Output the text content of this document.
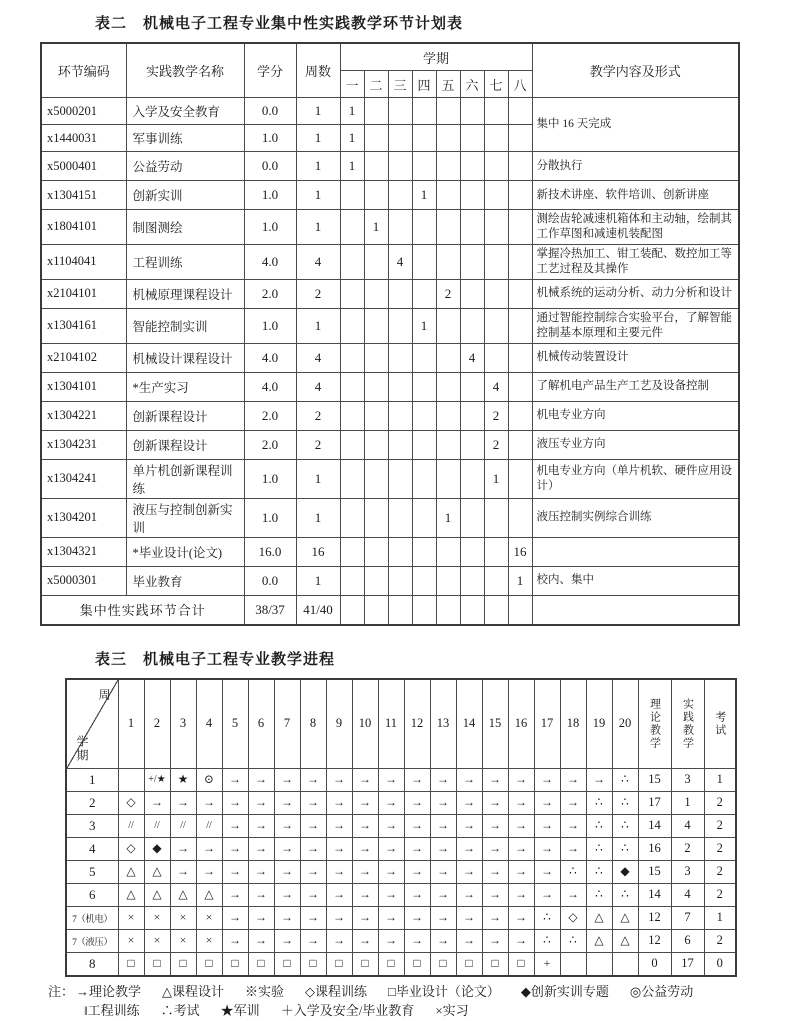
表二　机械电子工程专业集中性实践教学环节计划表
环节编码	实践教学名称	学分	周数	学期								教学内容及形式
				一	二	三	四	五	六	七	八	
x5000201	入学及安全教育	0.0	1	1								集中 16 天完成
x1440031	军事训练	1.0	1	1								
x5000401	公益劳动	0.0	1	1								分散执行
x1304151	创新实训	1.0	1				1					新技术讲座、软件培训、创新讲座
x1804101	制图测绘	1.0	1		1							测绘齿轮减速机箱体和主动轴，绘制其工作草图和减速机装配图
x1104041	工程训练	4.0	4			4						掌握冷热加工、钳工装配、数控加工等工艺过程及其操作
x2104101	机械原理课程设计	2.0	2					2				机械系统的运动分析、动力分析和设计
x1304161	智能控制实训	1.0	1				1					通过智能控制综合实验平台，了解智能控制基本原理和主要元件
x2104102	机械设计课程设计	4.0	4						4			机械传动装置设计
x1304101	*生产实习	4.0	4							4		了解机电产品生产工艺及设备控制
x1304221	创新课程设计	2.0	2							2		机电专业方向
x1304231	创新课程设计	2.0	2							2		液压专业方向
x1304241	单片机创新课程训练	1.0	1							1		机电专业方向（单片机软、硬件应用设计）
x1304201	液压与控制创新实训	1.0	1					1				液压控制实例综合训练
x1304321	*毕业设计(论文)	16.0	16								16	
x5000301	毕业教育	0.0	1								1	校内、集中
集中性实践环节合计		38/37	41/40									
表三　机械电子工程专业教学进程
周
学期	1	2	3	4	5	6	7	8	9	10	11	12	13	14	15	16	17	18	19	20	理论教学	实践教学	考试
1		+/★	★	⊙	→	→	→	→	→	→	→	→	→	→	→	→	→	→	→	∴	15	3	1
2	◇	→	→	→	→	→	→	→	→	→	→	→	→	→	→	→	→	→	∴	∴	17	1	2
3	//	//	//	//	→	→	→	→	→	→	→	→	→	→	→	→	→	→	∴	∴	14	4	2
4	◇	◆	→	→	→	→	→	→	→	→	→	→	→	→	→	→	→	→	∴	∴	16	2	2
5	△	△	→	→	→	→	→	→	→	→	→	→	→	→	→	→	→	∴	∴	◆	15	3	2
6	△	△	△	△	→	→	→	→	→	→	→	→	→	→	→	→	→	→	∴	∴	14	4	2
7（机电）	×	×	×	×	→	→	→	→	→	→	→	→	→	→	→	→	∴	◇	△	△	12	7	1
7（液压）	×	×	×	×	→	→	→	→	→	→	→	→	→	→	→	→	∴	∴	△	△	12	6	2
8	□	□	□	□	□	□	□	□	□	□	□	□	□	□	□	□	+				0	17	0
注： →理论教学 △课程设计 ※实验 ◇课程训练 □毕业设计（论文） ◆创新实训专题 ◎公益劳动
‖工程训练 ∴考试 ★军训 ＋入学及安全/毕业教育 ×实习
